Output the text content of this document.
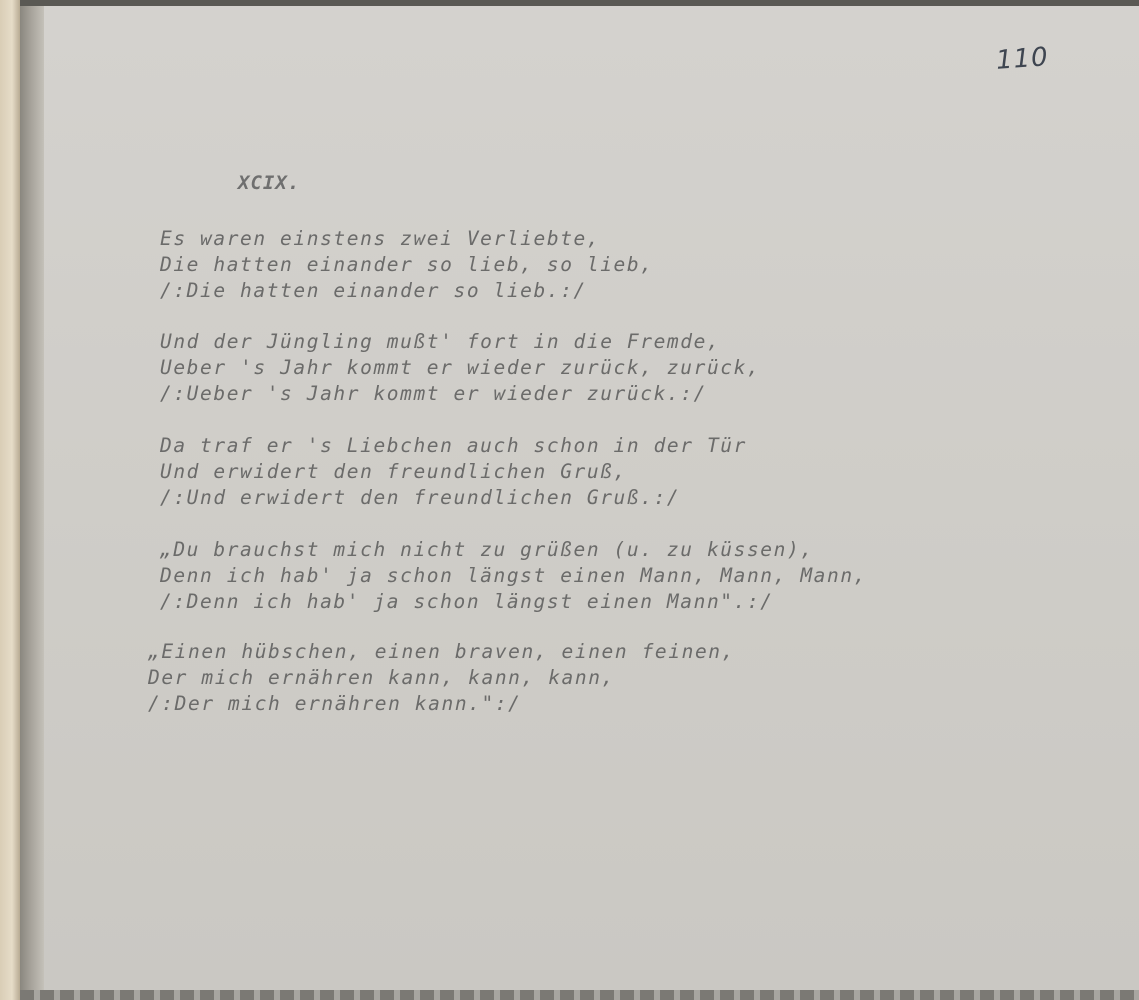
110
XCIX.
Es waren einstens zwei Verliebte,
Die hatten einander so lieb, so lieb,
/:Die hatten einander so lieb.:/
Und der Jüngling mußt' fort in die Fremde,
Ueber 's Jahr kommt er wieder zurück, zurück,
/:Ueber 's Jahr kommt er wieder zurück.:/
Da traf er 's Liebchen auch schon in der Tür
Und erwidert den freundlichen Gruß,
/:Und erwidert den freundlichen Gruß.:/
„Du brauchst mich nicht zu grüßen (u. zu küssen),
Denn ich hab' ja schon längst einen Mann, Mann, Mann,
/:Denn ich hab' ja schon längst einen Mann".:/
„Einen hübschen, einen braven, einen feinen,
Der mich ernähren kann, kann, kann,
/:Der mich ernähren kann.":/
